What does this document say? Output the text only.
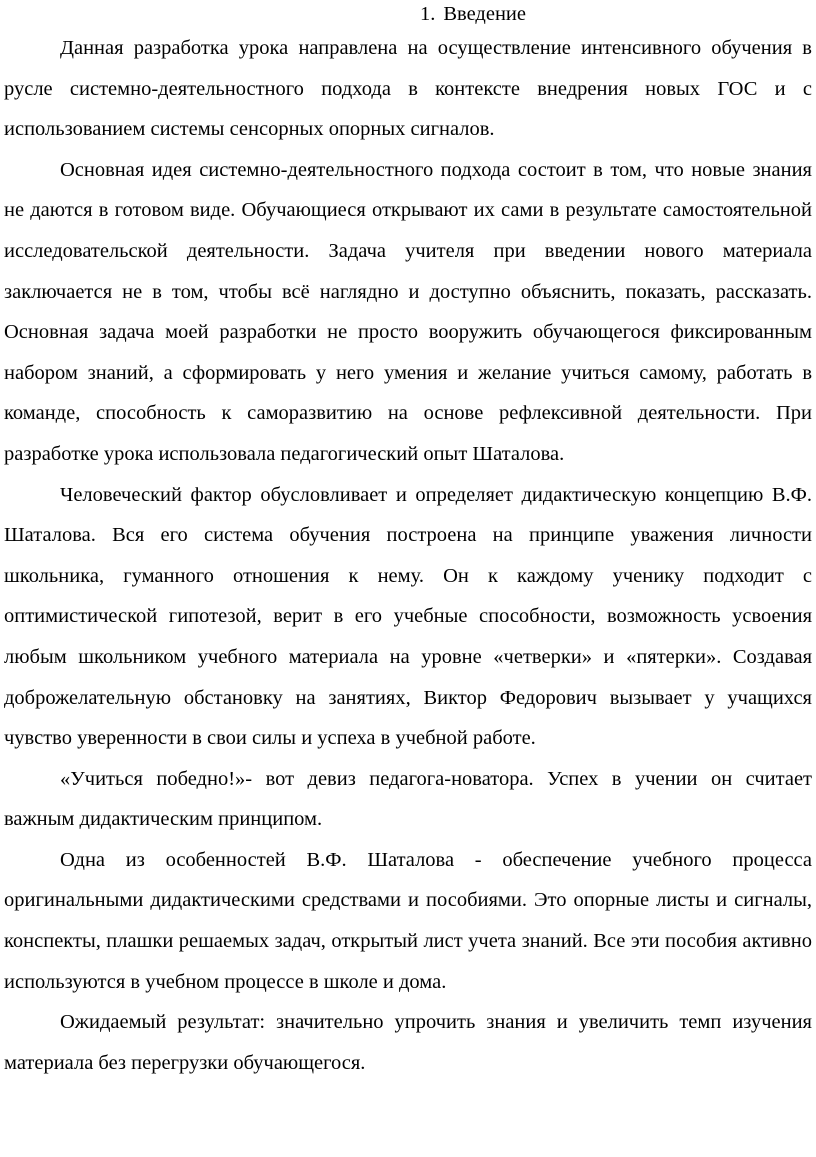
1. Введение

Данная разработка урока направлена на осуществление интенсивного обучения в русле системно-деятельностного подхода в контексте внедрения новых ГОС и с использованием системы сенсорных опорных сигналов.

Основная идея системно-деятельностного подхода состоит в том, что новые знания не даются в готовом виде. Обучающиеся открывают их сами в результате самостоятельной исследовательской деятельности. Задача учителя при введении нового материала заключается не в том, чтобы всё наглядно и доступно объяснить, показать, рассказать. Основная задача моей разработки не просто вооружить обучающегося фиксированным набором знаний, а сформировать у него умения и желание учиться самому, работать в команде, способность к саморазвитию на основе рефлексивной деятельности. При разработке урока использовала педагогический опыт Шаталова.

Человеческий фактор обусловливает и определяет дидактическую концепцию В.Ф. Шаталова. Вся его система обучения построена на принципе уважения личности школьника, гуманного отношения к нему. Он к каждому ученику подходит с оптимистической гипотезой, верит в его учебные способности, возможность усвоения любым школьником учебного материала на уровне «четверки» и «пятерки». Создавая доброжелательную обстановку на занятиях, Виктор Федорович вызывает у учащихся чувство уверенности в свои силы и успеха в учебной работе.

«Учиться победно!»- вот девиз педагога-новатора. Успех в учении он считает важным дидактическим принципом.

Одна из особенностей В.Ф. Шаталова - обеспечение учебного процесса оригинальными дидактическими средствами и пособиями. Это опорные листы и сигналы, конспекты, плашки решаемых задач, открытый лист учета знаний. Все эти пособия активно используются в учебном процессе в школе и дома.

Ожидаемый результат: значительно упрочить знания и увеличить темп изучения материала без перегрузки обучающегося.
